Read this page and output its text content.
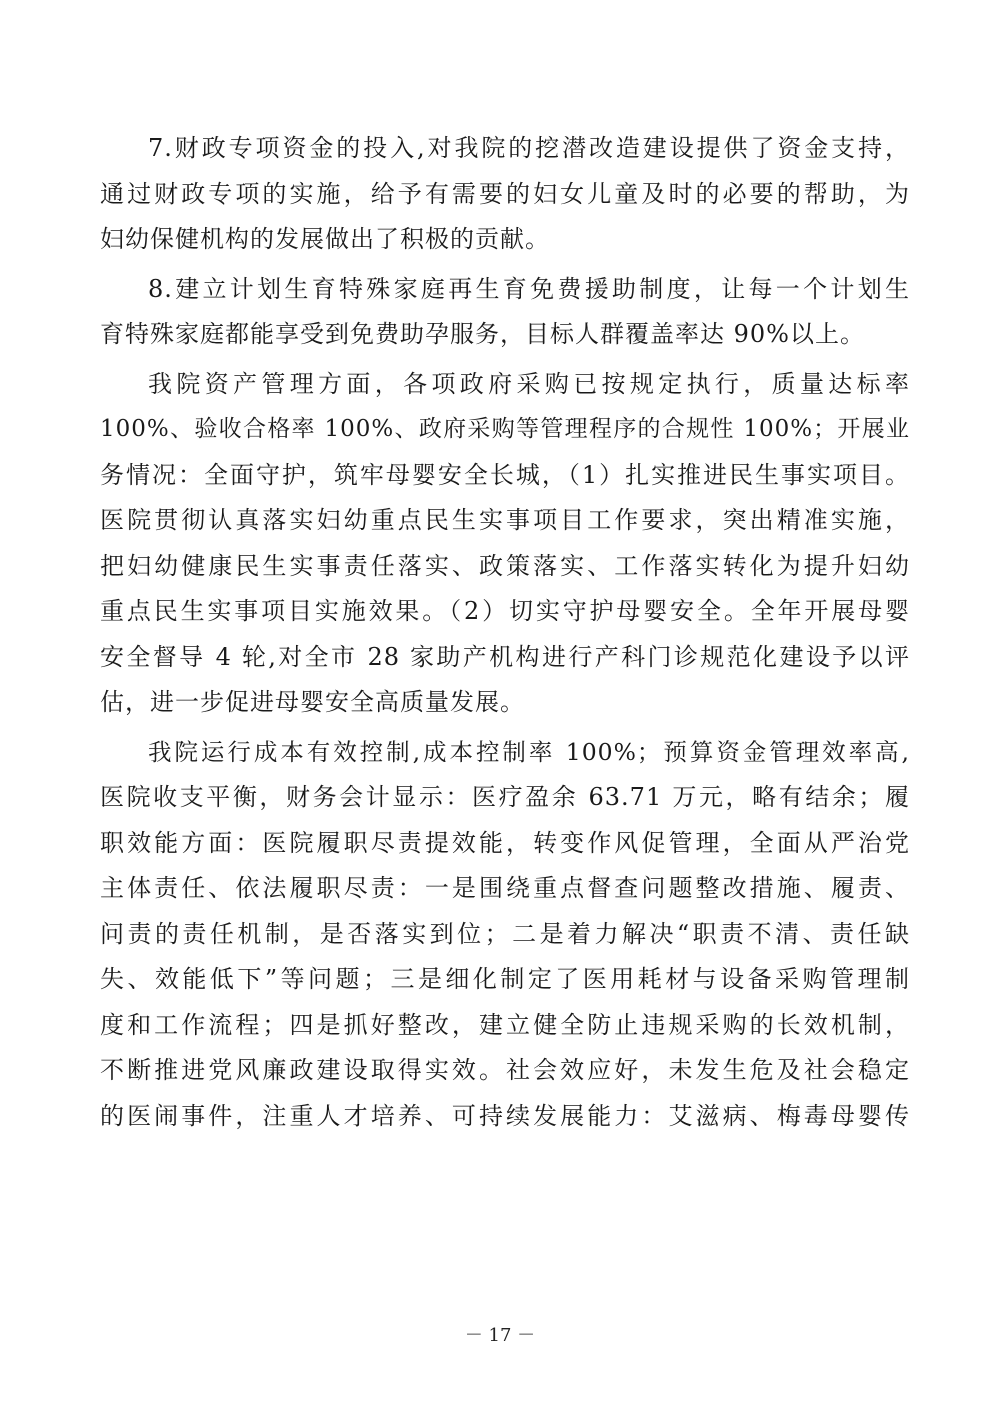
7.财政专项资金的投入,对我院的挖潜改造建设提供了资金支持，
通过财政专项的实施，给予有需要的妇女儿童及时的必要的帮助，为
妇幼保健机构的发展做出了积极的贡献。
8.建立计划生育特殊家庭再生育免费援助制度，让每一个计划生
育特殊家庭都能享受到免费助孕服务，目标人群覆盖率达 90%以上。
我院资产管理方面，各项政府采购已按规定执行，质量达标率
100%、验收合格率 100%、政府采购等管理程序的合规性 100%；开展业
务情况：全面守护，筑牢母婴安全长城，（1）扎实推进民生事实项目。
医院贯彻认真落实妇幼重点民生实事项目工作要求，突出精准实施，
把妇幼健康民生实事责任落实、政策落实、工作落实转化为提升妇幼
重点民生实事项目实施效果。（2）切实守护母婴安全。全年开展母婴
安全督导 4 轮,对全市 28 家助产机构进行产科门诊规范化建设予以评
估，进一步促进母婴安全高质量发展。
我院运行成本有效控制,成本控制率 100%；预算资金管理效率高,
医院收支平衡，财务会计显示：医疗盈余 63.71 万元，略有结余；履
职效能方面：医院履职尽责提效能，转变作风促管理，全面从严治党
主体责任、依法履职尽责：一是围绕重点督查问题整改措施、履责、
问责的责任机制，是否落实到位；二是着力解决“职责不清、责任缺
失、效能低下”等问题；三是细化制定了医用耗材与设备采购管理制
度和工作流程；四是抓好整改，建立健全防止违规采购的长效机制，
不断推进党风廉政建设取得实效。社会效应好，未发生危及社会稳定
的医闹事件，注重人才培养、可持续发展能力：艾滋病、梅毒母婴传
－ 17 －
